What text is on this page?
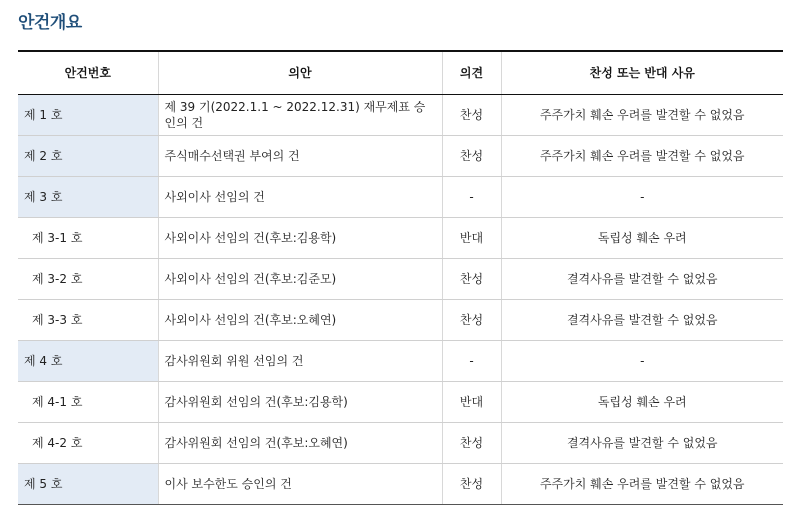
안건개요
안건번호	의안	의견	찬성 또는 반대 사유
제 1 호	제 39 기(2022.1.1 ~ 2022.12.31) 재무제표 승인의 건	찬성	주주가치 훼손 우려를 발견할 수 없었음
제 2 호	주식매수선택권 부여의 건	찬성	주주가치 훼손 우려를 발견할 수 없었음
제 3 호	사외이사 선임의 건	-	-
제 3-1 호	사외이사 선임의 건(후보:김용학)	반대	독립성 훼손 우려
제 3-2 호	사외이사 선임의 건(후보:김준모)	찬성	결격사유를 발견할 수 없었음
제 3-3 호	사외이사 선임의 건(후보:오혜연)	찬성	결격사유를 발견할 수 없었음
제 4 호	감사위원회 위원 선임의 건	-	-
제 4-1 호	감사위원회 선임의 건(후보:김용학)	반대	독립성 훼손 우려
제 4-2 호	감사위원회 선임의 건(후보:오혜연)	찬성	결격사유를 발견할 수 없었음
제 5 호	이사 보수한도 승인의 건	찬성	주주가치 훼손 우려를 발견할 수 없었음
